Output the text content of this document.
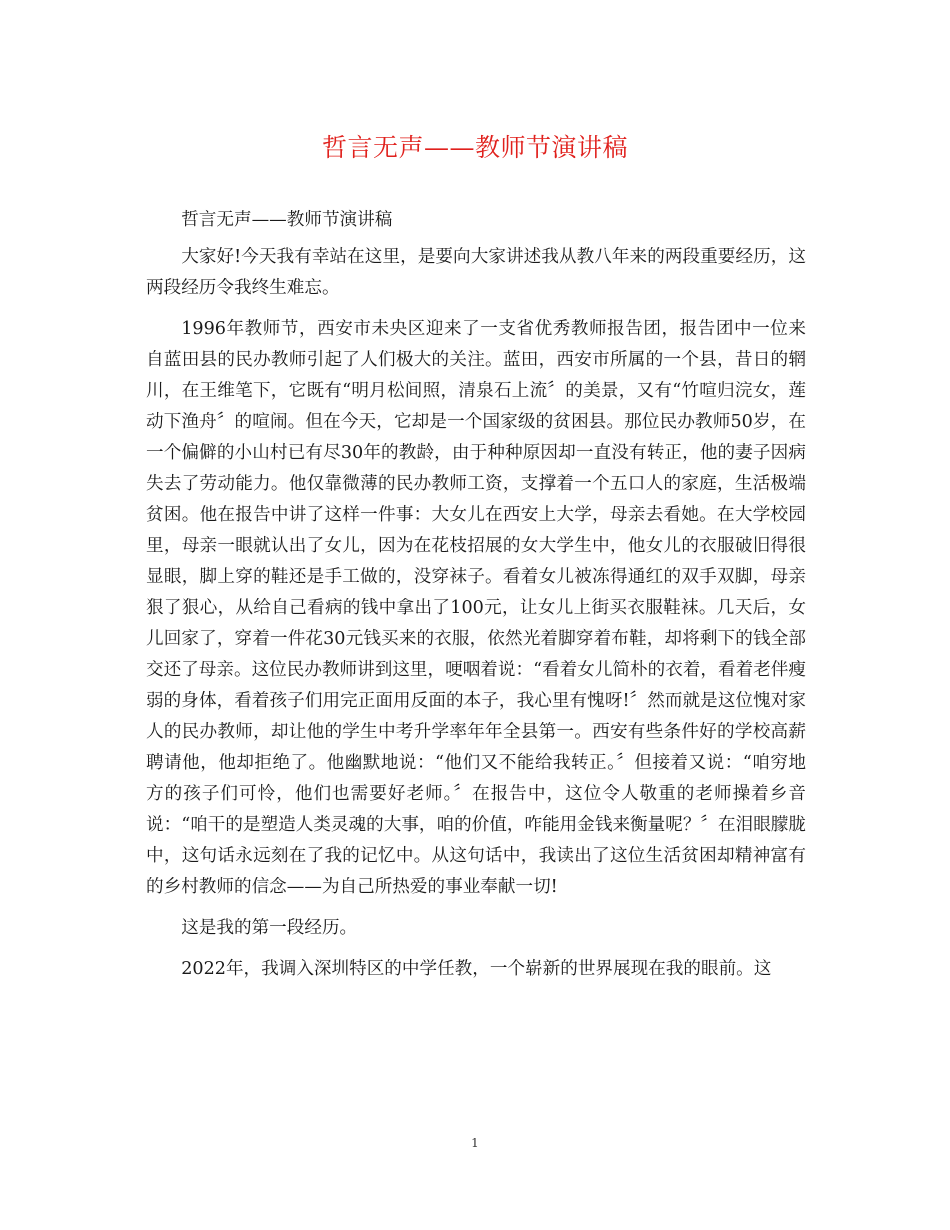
哲言无声——教师节演讲稿

哲言无声——教师节演讲稿

大家好!今天我有幸站在这里，是要向大家讲述我从教八年来的两段重要经历，这两段经历令我终生难忘。

1996年教师节，西安市未央区迎来了一支省优秀教师报告团，报告团中一位来自蓝田县的民办教师引起了人们极大的关注。蓝田，西安市所属的一个县，昔日的辋川，在王维笔下，它既有“明月松间照，清泉石上流〞的美景，又有“竹喧归浣女，莲动下渔舟〞的喧闹。但在今天，它却是一个国家级的贫困县。那位民办教师50岁，在一个偏僻的小山村已有尽30年的教龄，由于种种原因却一直没有转正，他的妻子因病失去了劳动能力。他仅靠微薄的民办教师工资，支撑着一个五口人的家庭，生活极端贫困。他在报告中讲了这样一件事：大女儿在西安上大学，母亲去看她。在大学校园里，母亲一眼就认出了女儿，因为在花枝招展的女大学生中，他女儿的衣服破旧得很显眼，脚上穿的鞋还是手工做的，没穿袜子。看着女儿被冻得通红的双手双脚，母亲狠了狠心，从给自己看病的钱中拿出了100元，让女儿上街买衣服鞋袜。几天后，女儿回家了，穿着一件花30元钱买来的衣服，依然光着脚穿着布鞋，却将剩下的钱全部交还了母亲。这位民办教师讲到这里，哽咽着说：“看着女儿简朴的衣着，看着老伴瘦弱的身体，看着孩子们用完正面用反面的本子，我心里有愧呀!〞然而就是这位愧对家人的民办教师，却让他的学生中考升学率年年全县第一。西安有些条件好的学校高薪聘请他，他却拒绝了。他幽默地说：“他们又不能给我转正。〞但接着又说：“咱穷地方的孩子们可怜，他们也需要好老师。〞在报告中，这位令人敬重的老师操着乡音说：“咱干的是塑造人类灵魂的大事，咱的价值，咋能用金钱来衡量呢？〞在泪眼朦胧中，这句话永远刻在了我的记忆中。从这句话中，我读出了这位生活贫困却精神富有的乡村教师的信念——为自己所热爱的事业奉献一切!

这是我的第一段经历。

2022年，我调入深圳特区的中学任教，一个崭新的世界展现在我的眼前。这

1
